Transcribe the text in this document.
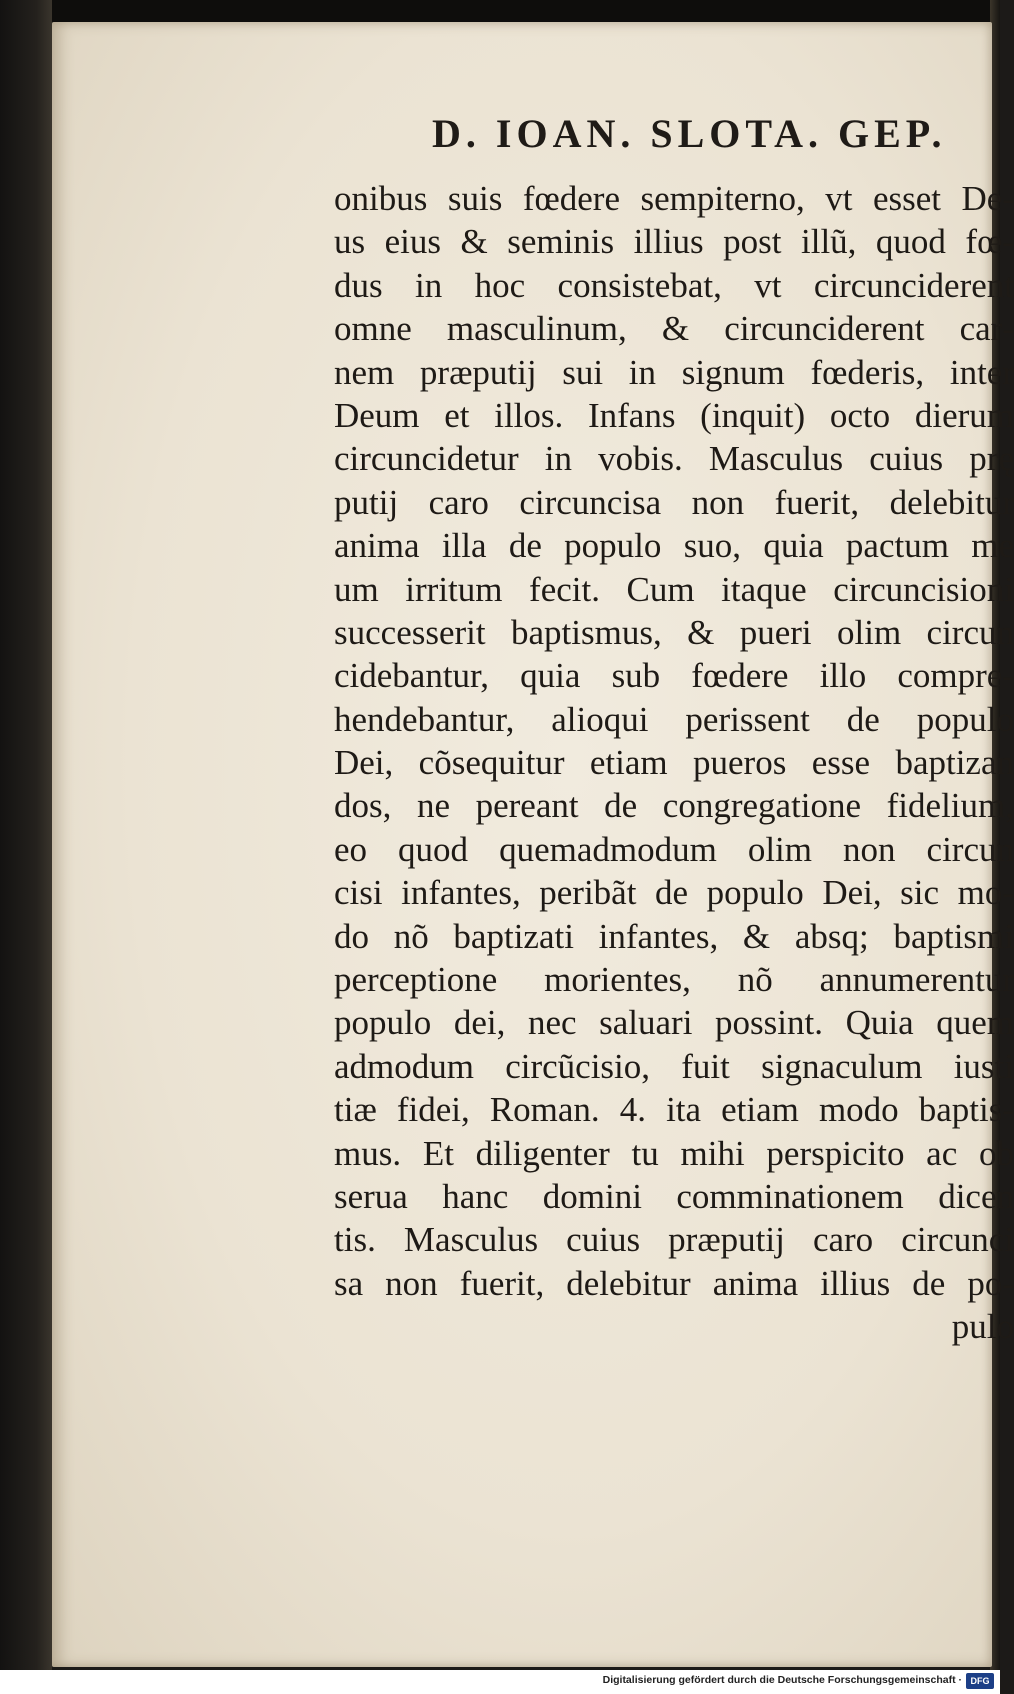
D. IOAN. SLOTA. GEP.
onibus suis fœdere sempiterno, vt esset De‑
us eius & seminis illius post illũ, quod fœ‑
dus in hoc consistebat, vt circunciderent
omne masculinum, & circunciderent car‑
nem præputij sui in signum fœderis, inter
Deum et illos. Infans (inquit) octo dierum
circuncidetur in vobis. Masculus cuius prę
putij caro circuncisa non fuerit, delebitur
anima illa de populo suo, quia pactum me
um irritum fecit. Cum itaque circuncisioni
successerit baptismus, & pueri olim circun
cidebantur, quia sub fœdere illo compre‑
hendebantur, alioqui perissent de populo
Dei, cõsequitur etiam pueros esse baptizan
dos, ne pereant de congregatione fidelium,
eo quod quemadmodum olim non circun
cisi infantes, peribãt de populo Dei, sic mo‑
do nõ baptizati infantes, & absq; baptismi
perceptione morientes, nõ annumerentur
populo dei, nec saluari possint. Quia quem
admodum circũcisio, fuit signaculum iusti
tiæ fidei, Roman. 4. ita etiam modo baptis‑
mus. Et diligenter tu mihi perspicito ac ob
serua hanc domini comminationem dicen
tis. Masculus cuius præputij caro circunci
sa non fuerit, delebitur anima illius de po‑
pulo
Digitalisierung gefördert durch die Deutsche Forschungsgemeinschaft · DFG
